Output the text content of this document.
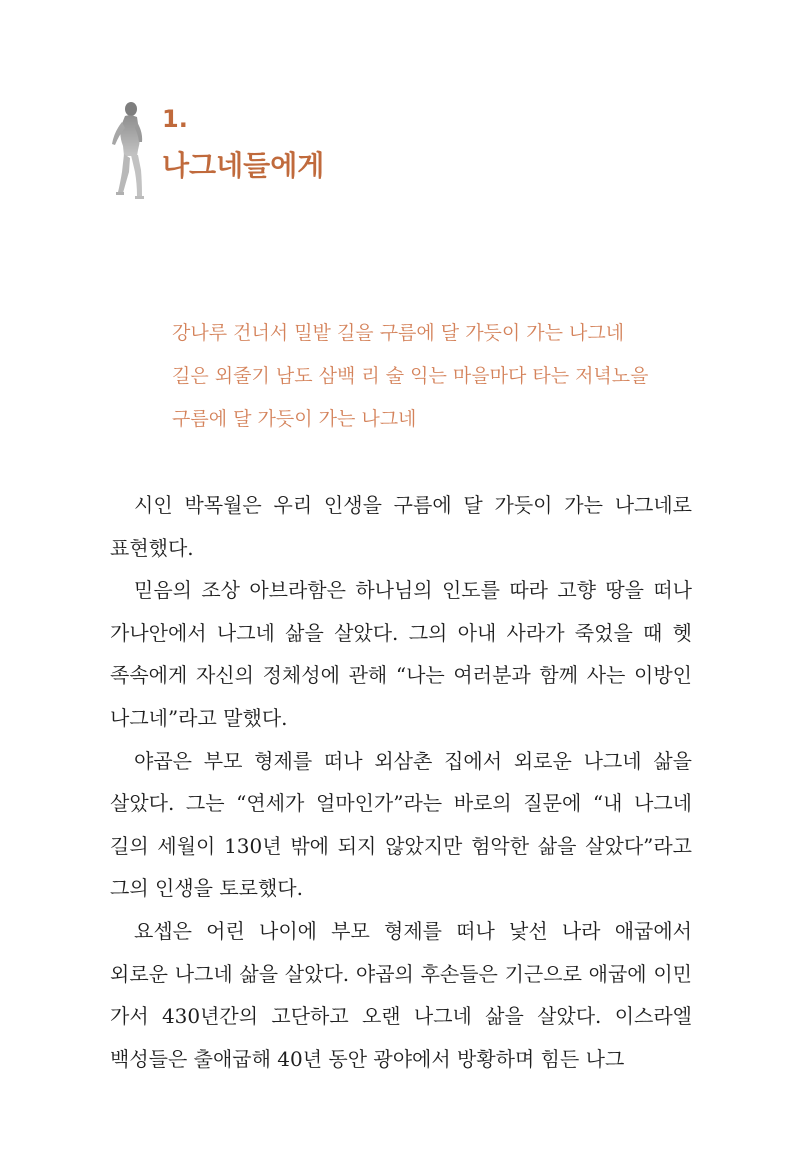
1.
나그네들에게
강나루 건너서 밀밭 길을 구름에 달 가듯이 가는 나그네
길은 외줄기 남도 삼백 리 술 익는 마을마다 타는 저녁노을
구름에 달 가듯이 가는 나그네

시인 박목월은 우리 인생을 구름에 달 가듯이 가는 나그네로 표현했다.

믿음의 조상 아브라함은 하나님의 인도를 따라 고향 땅을 떠나 가나안에서 나그네 삶을 살았다. 그의 아내 사라가 죽었을 때 헷 족속에게 자신의 정체성에 관해 “나는 여러분과 함께 사는 이방인 나그네”라고 말했다.

야곱은 부모 형제를 떠나 외삼촌 집에서 외로운 나그네 삶을 살았다. 그는 “연세가 얼마인가”라는 바로의 질문에 “내 나그네 길의 세월이 130년 밖에 되지 않았지만 험악한 삶을 살았다”라고 그의 인생을 토로했다.

요셉은 어린 나이에 부모 형제를 떠나 낯선 나라 애굽에서 외로운 나그네 삶을 살았다. 야곱의 후손들은 기근으로 애굽에 이민 가서 430년간의 고단하고 오랜 나그네 삶을 살았다. 이스라엘 백성들은 출애굽해 40년 동안 광야에서 방황하며 힘든 나그
